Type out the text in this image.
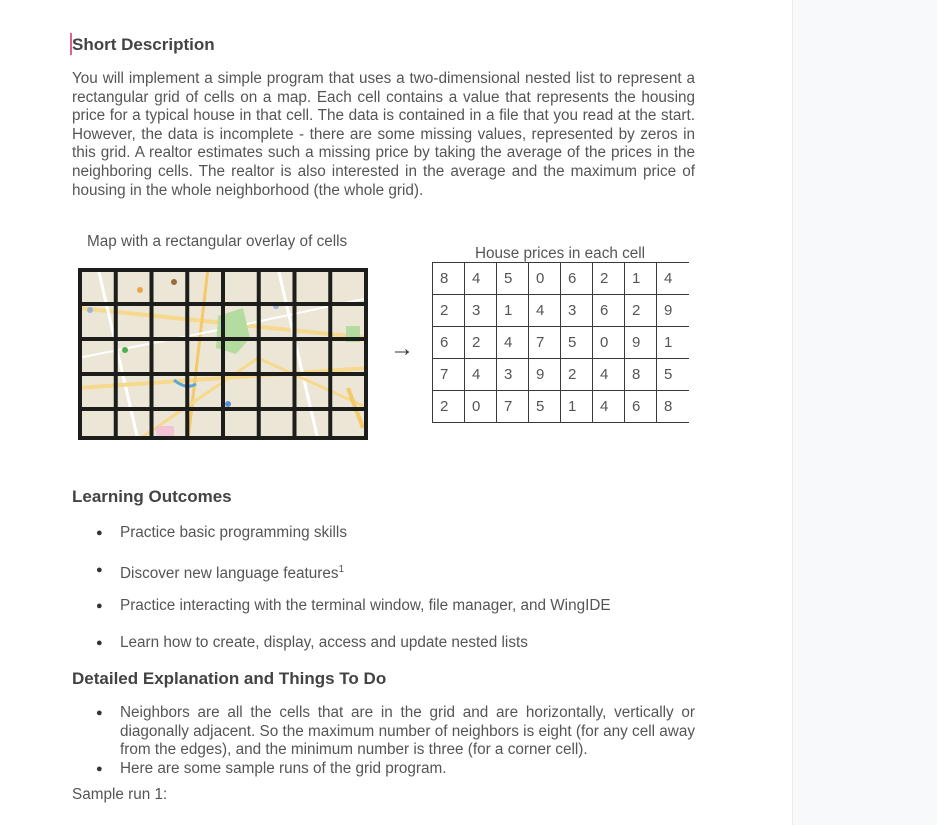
Short Description

You will implement a simple program that uses a two-dimensional nested list to represent a rectangular grid of cells on a map. Each cell contains a value that represents the housing price for a typical house in that cell. The data is contained in a file that you read at the start. However, the data is incomplete - there are some missing values, represented by zeros in this grid. A realtor estimates such a missing price by taking the average of the prices in the neighboring cells. The realtor is also interested in the average and the maximum price of housing in the whole neighborhood (the whole grid).

Map with a rectangular overlay of cells
House prices in each cell
→
8	4	5	0	6	2	1	4
2	3	1	4	3	6	2	9
6	2	4	7	5	0	9	1
7	4	3	9	2	4	8	5
2	0	7	5	1	4	6	8
Learning Outcomes
● Practice basic programming skills
● Discover new language features$^1$
● Practice interacting with the terminal window, file manager, and WingIDE
● Learn how to create, display, access and update nested lists
Detailed Explanation and Things To Do
● Neighbors are all the cells that are in the grid and are horizontally, vertically or diagonally adjacent. So the maximum number of neighbors is eight (for any cell away from the edges), and the minimum number is three (for a corner cell).
● Here are some sample runs of the grid program.
Sample run 1:
